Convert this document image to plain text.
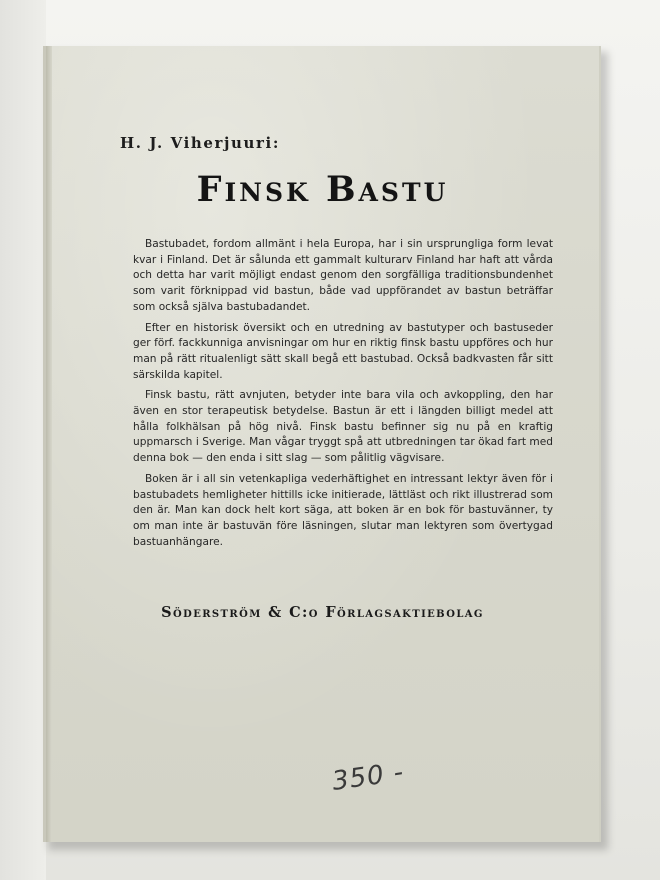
H. J. Viherjuuri:
Finsk Bastu

Bastubadet, fordom allmänt i hela Europa, har i sin ursprungliga form levat kvar i Finland. Det är sålunda ett gammalt kulturarv Finland har haft att vårda och detta har varit möjligt endast genom den sorgfälliga traditionsbundenhet som varit förknippad vid bastun, både vad uppförandet av bastun beträffar som också själva bastubadandet.

Efter en historisk översikt och en utredning av bastutyper och bastuseder ger förf. fackkunniga anvisningar om hur en riktig finsk bastu uppföres och hur man på rätt ritualenligt sätt skall begå ett bastubad. Också badkvasten får sitt särskilda kapitel.

Finsk bastu, rätt avnjuten, betyder inte bara vila och avkoppling, den har även en stor terapeutisk betydelse. Bastun är ett i längden billigt medel att hålla folkhälsan på hög nivå. Finsk bastu befinner sig nu på en kraftig uppmarsch i Sverige. Man vågar tryggt spå att utbredningen tar ökad fart med denna bok — den enda i sitt slag — som pålitlig vägvisare.

Boken är i all sin vetenkapliga vederhäftighet en intressant lektyr även för i bastubadets hemligheter hittills icke initierade, lättläst och rikt illustrerad som den är. Man kan dock helt kort säga, att boken är en bok för bastuvänner, ty om man inte är bastuvän före läsningen, slutar man lektyren som övertygad bastuanhängare.

Söderström & C:o Förlagsaktiebolag
350 -
